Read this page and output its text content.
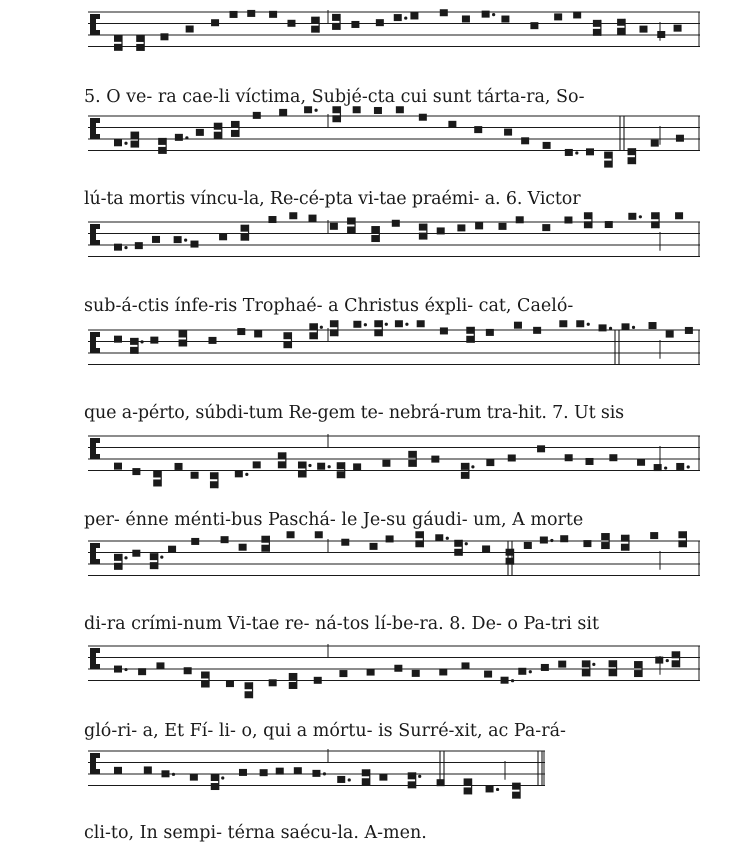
5. O ve- ra cae-li víctima, Subjé-cta cui sunt tárta-ra, So-
lú-ta mortis víncu-la, Re-cé-pta vi-tae praémi- a. 6. Victor
sub-á-ctis ínfe-ris Trophaé- a Christus éxpli- cat, Caeló-
que a-pérto, súbdi-tum Re-gem te- nebrá-rum tra-hit. 7. Ut sis
per- énne ménti-bus Paschá- le Je-su gáudi- um, A morte
di-ra crími-num Vi-tae re- ná-tos lí-be-ra. 8. De- o Pa-tri sit
gló-ri- a, Et Fí- li- o, qui a mórtu- is Surré-xit, ac Pa-rá-
cli-to, In sempi- térna saécu-la. A-men.
